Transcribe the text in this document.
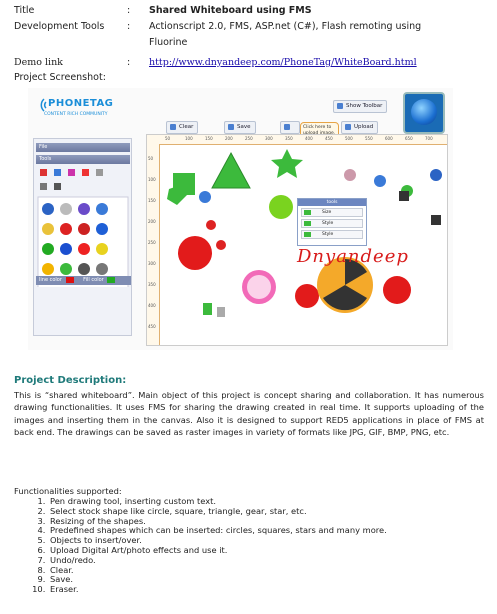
Title	: Shared Whiteboard using FMS
Development Tools	: Actionscript 2.0, FMS, ASP.net (C#), Flash remoting using Fluorine
Demo link	: http://www.dnyandeep.com/PhoneTag/WhiteBoard.html
Project Screenshot:
PHONETAG
CONTENT RICH COMMUNITY
Show Toolbar
Clear	Save	Upload
Click here to
File
Tools
line color	Fill color
50	100	150	200	250	300	350	400	450	500	550	600	650	700
50
100
150
200
250
300
350
400
450
tools
Size
Style
Style
Dnyandeep
Project Description:
This is “shared whiteboard”. Main object of this project is concept sharing and collaboration. It has numerous drawing functionalities. It uses FMS for sharing the drawing created in real time. It supports uploading of the images and inserting them in the canvas. Also it is designed to support RED5 applications in place of FMS at back end. The drawings can be saved as raster images in variety of formats like JPG, GIF, BMP, PNG, etc.
Functionalities supported:
1. Pen drawing tool, inserting custom text.
2. Select stock shape like circle, square, triangle, gear, star, etc.
3. Resizing of the shapes.
4. Predefined shapes which can be inserted: circles, squares, stars and many more.
5. Objects to insert/over.
6. Upload Digital Art/photo effects and use it.
7. Undo/redo.
8. Clear.
9. Save.
10. Eraser.
